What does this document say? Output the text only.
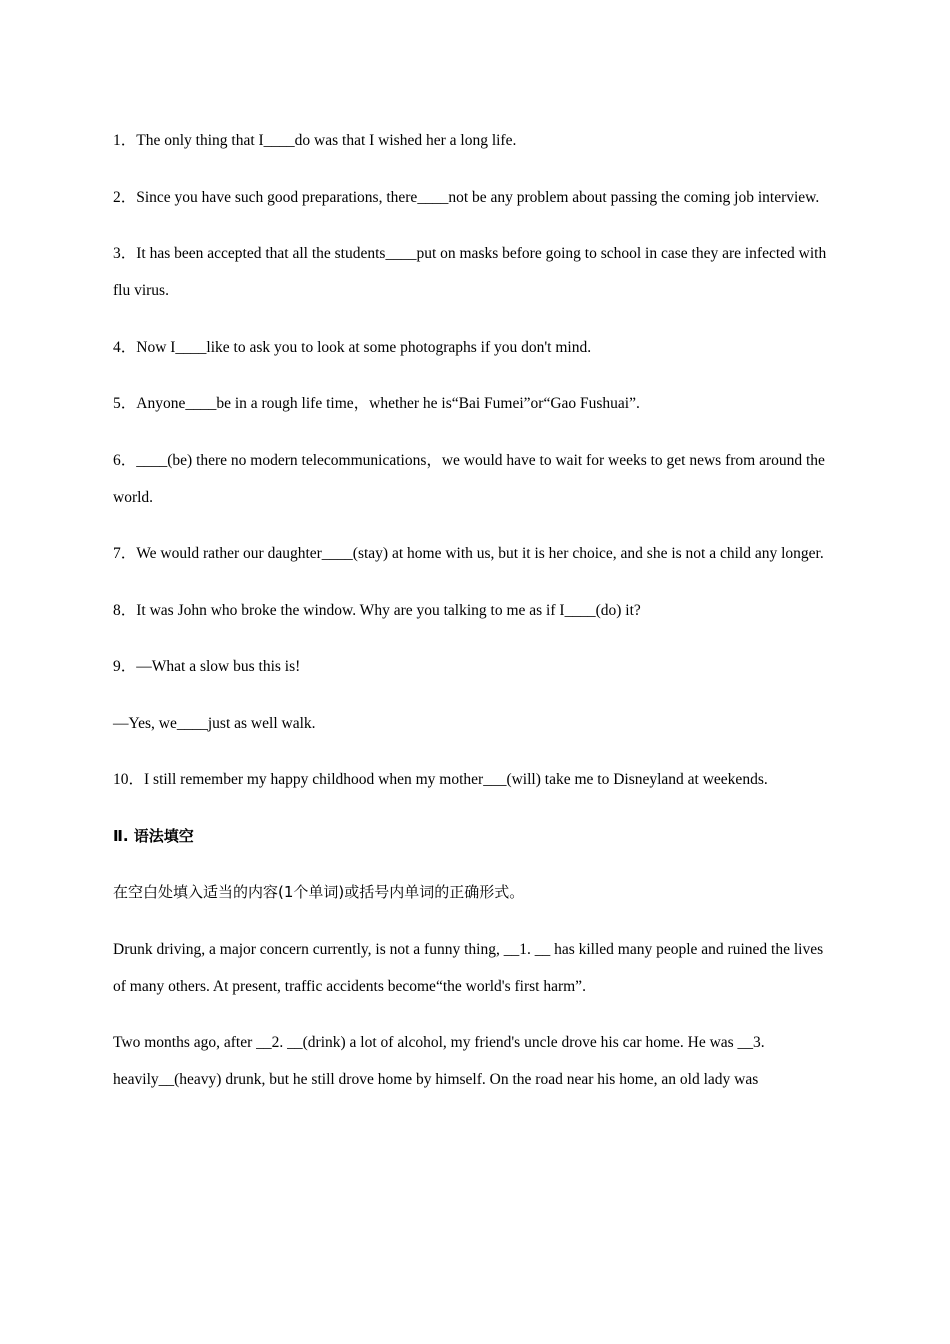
1．The only thing that I____do was that I wished her a long life.

2．Since you have such good preparations, there____not be any problem about passing the coming job interview.

3．It has been accepted that all the students____put on masks before going to school in case they are infected with flu virus.

4．Now I____like to ask you to look at some photographs if you don't mind.

5．Anyone____be in a rough life time，whether he is“Bai Fumei”or“Gao Fushuai”.

6．____(be) there no modern telecommunications，we would have to wait for weeks to get news from around the world.

7．We would rather our daughter____(stay) at home with us, but it is her choice, and she is not a child any longer.

8．It was John who broke the window. Why are you talking to me as if I____(do) it?

9．—What a slow bus this is!

—Yes, we____just as well walk.

10．I still remember my happy childhood when my mother___(will) take me to Disneyland at weekends.

Ⅱ. 语法填空

在空白处填入适当的内容(1个单词)或括号内单词的正确形式。

Drunk driving, a major concern currently, is not a funny thing, __1. __ has killed many people and ruined the lives of many others. At present, traffic accidents become“the world's first harm”.

Two months ago, after __2. __(drink) a lot of alcohol, my friend's uncle drove his car home. He was __3. heavily__(heavy) drunk, but he still drove home by himself. On the road near his home, an old lady was
